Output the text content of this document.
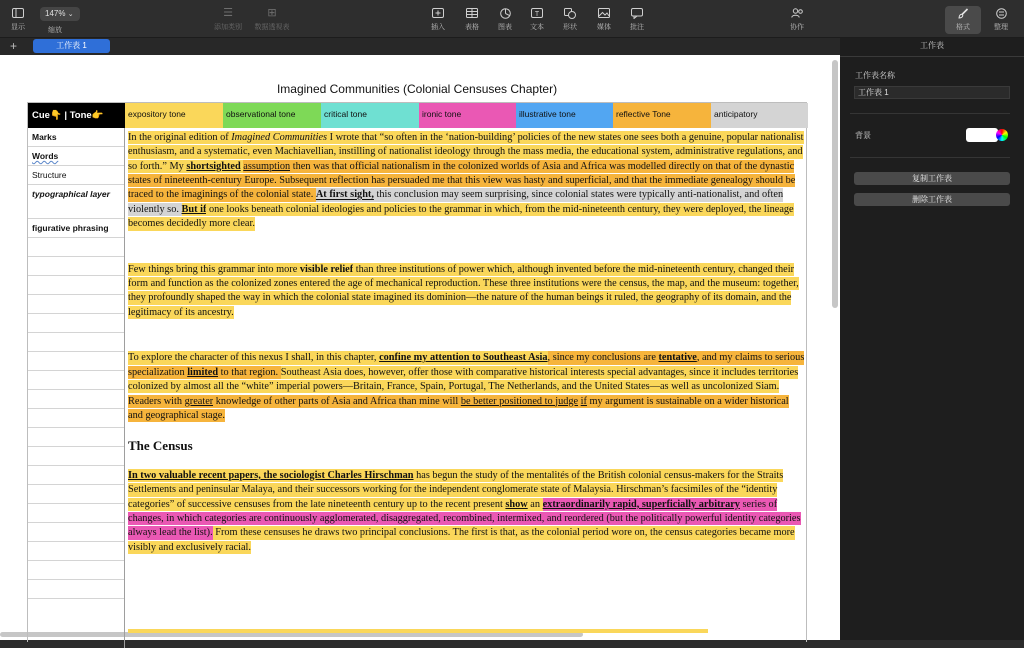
显示
147% ⌄
缩放
☰
添加类别
⊞
数据透视表	插入	表格	图表
T
文本	形状	媒体	批注	协作	格式	整理
+	工作表 1
Imagined Communities (Colonial Censuses Chapter)
Cue👇 | Tone👉	expository tone	observational tone	critical tone	ironic tone	illustrative tone	reflective Tone	anticipatory
Marks
Words
Structure
typographical layer
figurative phrasing
In the original edition of Imagined Communities I wrote that “so often in the ‘nation-building’ policies of the new states one sees both a genuine, popular nationalist enthusiasm, and a systematic, even Machiavellian, instilling of nationalist ideology through the mass media, the educational system, administrative regulations, and so forth.” My shortsighted assumption then was that official nationalism in the colonized worlds of Asia and Africa was modelled directly on that of the dynastic states of nineteenth-century Europe. Subsequent reflection has persuaded me that this view was hasty and superficial, and that the immediate genealogy should be traced to the imaginings of the colonial state. At first sight, this conclusion may seem surprising, since colonial states were typically anti-nationalist, and often violently so. But if one looks beneath colonial ideologies and policies to the grammar in which, from the mid-nineteenth century, they were deployed, the lineage becomes decidedly more clear.
Few things bring this grammar into more visible relief than three institutions of power which, although invented before the mid-nineteenth century, changed their form and function as the colonized zones entered the age of mechanical reproduction. These three institutions were the census, the map, and the museum: together, they profoundly shaped the way in which the colonial state imagined its dominion—the nature of the human beings it ruled, the geography of its domain, and the legitimacy of its ancestry.
To explore the character of this nexus I shall, in this chapter, confine my attention to Southeast Asia, since my conclusions are tentative, and my claims to serious specialization limited to that region. Southeast Asia does, however, offer those with comparative historical interests special advantages, since it includes territories colonized by almost all the “white” imperial powers—Britain, France, Spain, Portugal, The Netherlands, and the United States—as well as uncolonized Siam. Readers with greater knowledge of other parts of Asia and Africa than mine will be better positioned to judge if my argument is sustainable on a wider historical and geographical stage.
The Census
In two valuable recent papers, the sociologist Charles Hirschman has begun the study of the mentalités of the British colonial census-makers for the Straits Settlements and peninsular Malaya, and their successors working for the independent conglomerate state of Malaysia. Hirschman’s facsimiles of the “identity categories” of successive censuses from the late nineteenth century up to the recent present show an extraordinarily rapid, superficially arbitrary series of changes, in which categories are continuously agglomerated, disaggregated, recombined, intermixed, and reordered (but the politically powerful identity categories always lead the list). From these censuses he draws two principal conclusions. The first is that, as the colonial period wore on, the census categories became more visibly and exclusively racial.
工作表
工作表名称
工作表 1
背景
复制工作表
删除工作表
